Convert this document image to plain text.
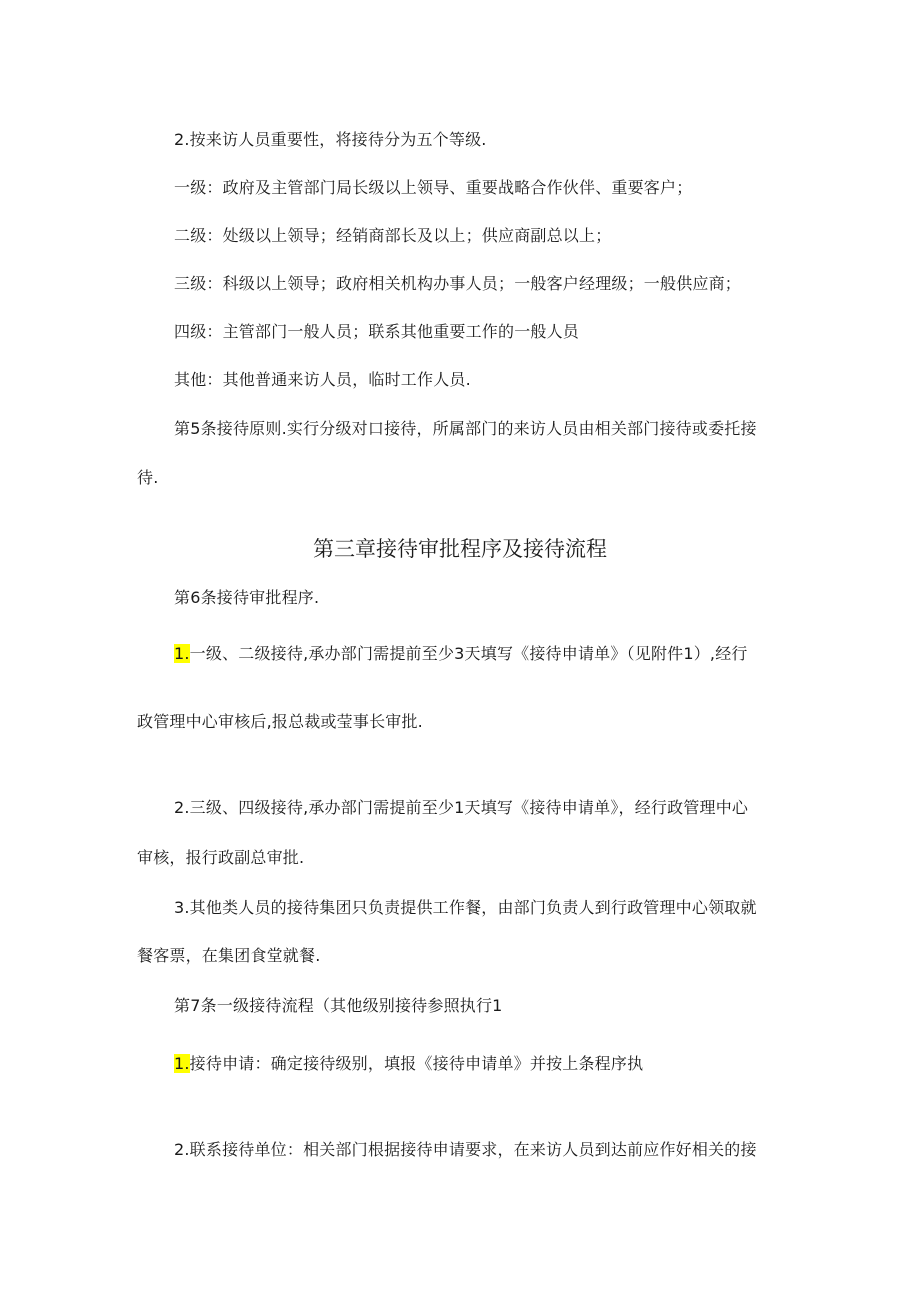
2.按来访人员重要性，将接待分为五个等级.
一级：政府及主管部门局长级以上领导、重要战略合作伙伴、重要客户；
二级：处级以上领导；经销商部长及以上；供应商副总以上；
三级：科级以上领导；政府相关机构办事人员；一般客户经理级；一般供应商；
四级：主管部门一般人员；联系其他重要工作的一般人员
其他：其他普通来访人员，临时工作人员.
第5条接待原则.实行分级对口接待，所属部门的来访人员由相关部门接待或委托接
待.
第三章接待审批程序及接待流程
第6条接待审批程序.
1.一级、二级接待,承办部门需提前至少3天填写《接待申请单》（见附件1）,经行
政管理中心审核后,报总裁或莹事长审批.
2.三级、四级接待,承办部门需提前至少1天填写《接待申请单》，经行政管理中心
审核，报行政副总审批.
3.其他类人员的接待集团只负责提供工作餐，由部门负责人到行政管理中心领取就
餐客票，在集团食堂就餐.
第7条一级接待流程（其他级别接待参照执行1
1.接待申请：确定接待级别，填报《接待申请单》并按上条程序执
2.联系接待单位：相关部门根据接待申请要求，在来访人员到达前应作好相关的接
